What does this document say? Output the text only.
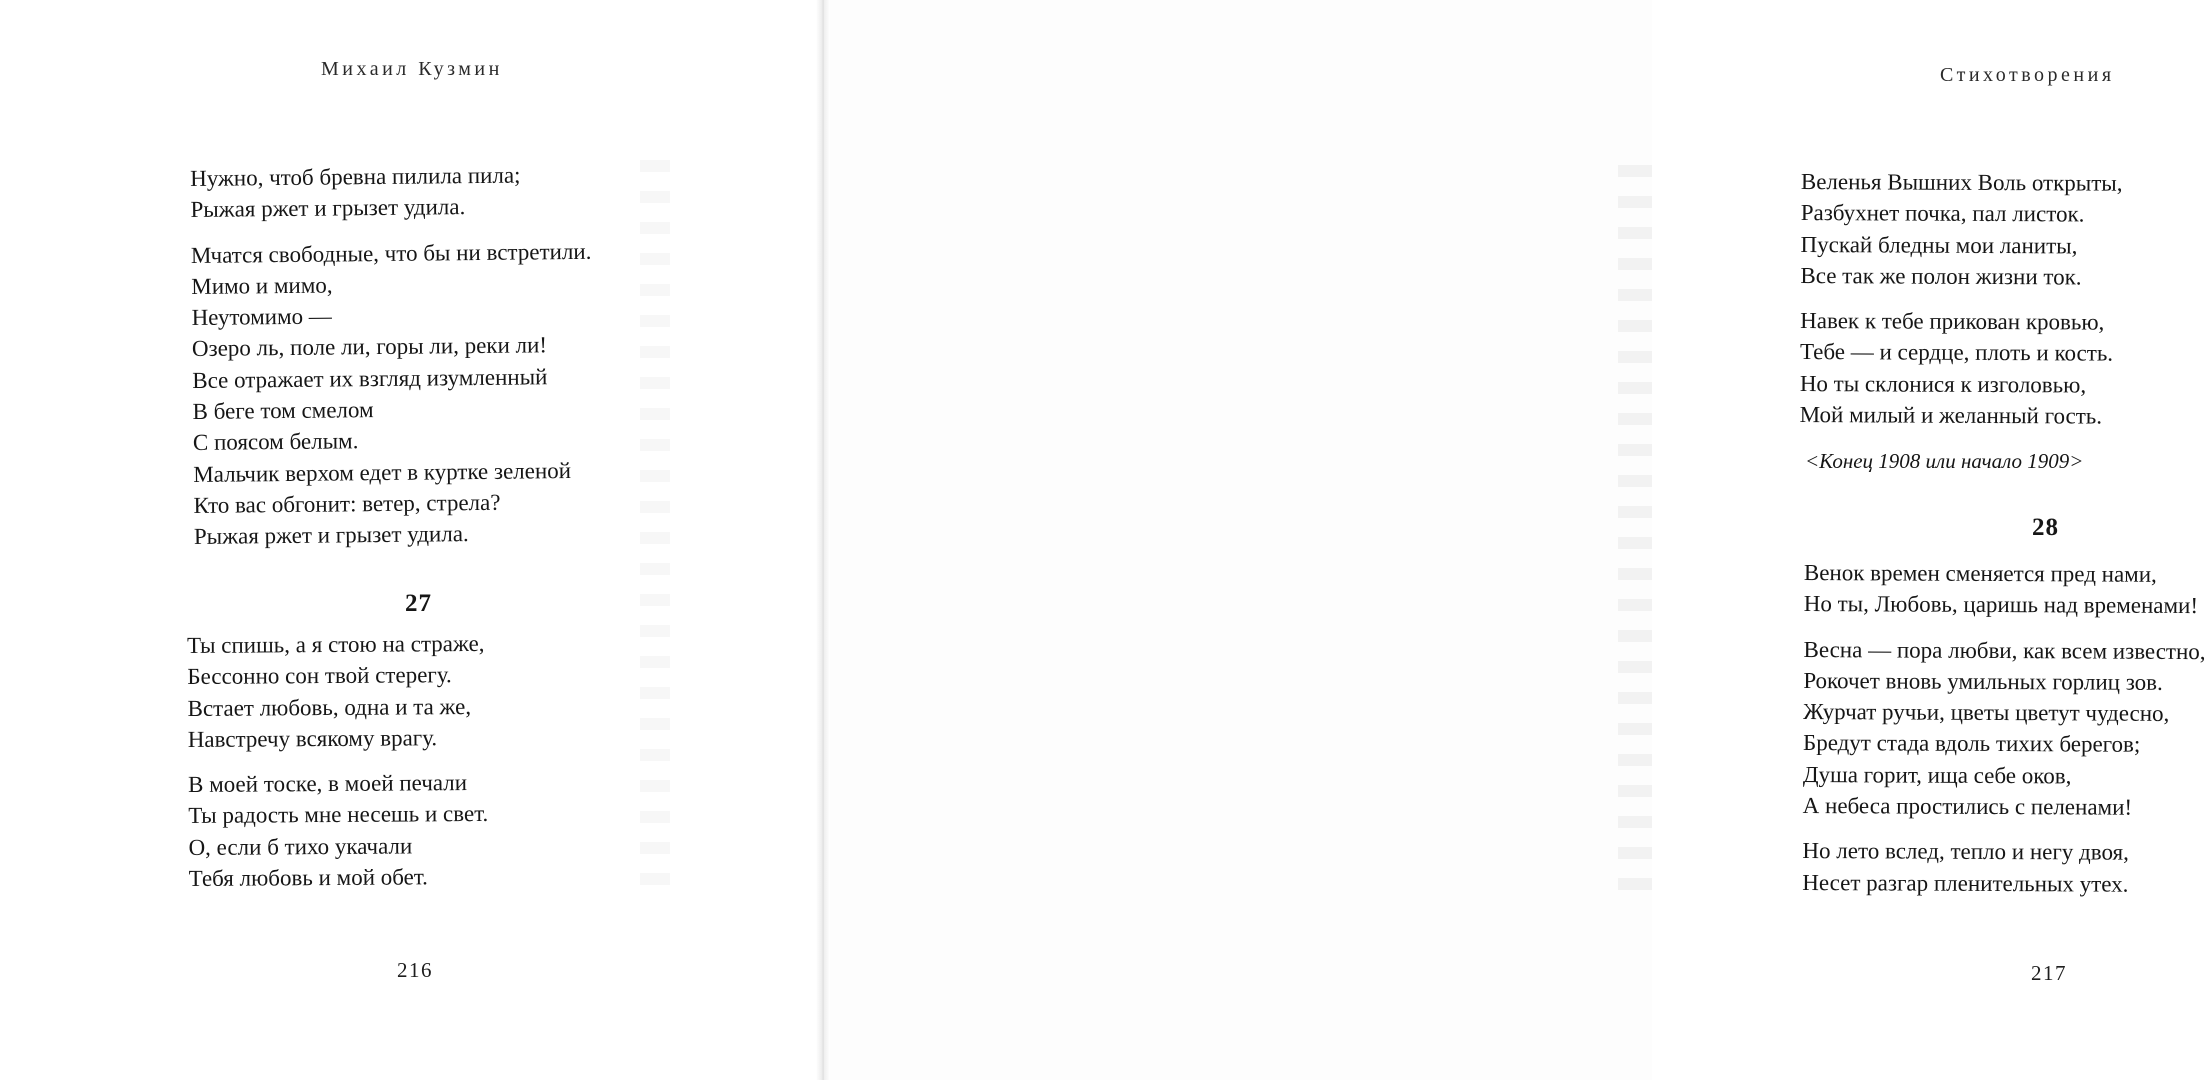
Михаил Кузмин
Нужно, чтоб бревна пилила пила;
Рыжая ржет и грызет удила.
Мчатся свободные, что бы ни встретили.
Мимо и мимо,
Неутомимо —
Озеро ль, поле ли, горы ли, реки ли!
Все отражает их взгляд изумленный
В беге том смелом
С поясом белым.
Мальчик верхом едет в куртке зеленой
Кто вас обгонит: ветер, стрела?
Рыжая ржет и грызет удила.
27
Ты спишь, а я стою на страже,
Бессонно сон твой стерегу.
Встает любовь, одна и та же,
Навстречу всякому врагу.
В моей тоске, в моей печали
Ты радость мне несешь и свет.
О, если б тихо укачали
Тебя любовь и мой обет.
216
Стихотворения
Веленья Вышних Воль открыты,
Разбухнет почка, пал листок.
Пускай бледны мои ланиты,
Все так же полон жизни ток.
Навек к тебе прикован кровью,
Тебе — и сердце, плоть и кость.
Но ты склонися к изголовью,
Мой милый и желанный гость.
<Конец 1908 или начало 1909>
28
Венок времен сменяется пред нами,
Но ты, Любовь, царишь над временами!
Весна — пора любви, как всем известно,
Рокочет вновь умильных горлиц зов.
Журчат ручьи, цветы цветут чудесно,
Бредут стада вдоль тихих берегов;
Душа горит, ища себе оков,
А небеса простились с пеленами!
Но лето вслед, тепло и негу двоя,
Несет разгар пленительных утех.
217
